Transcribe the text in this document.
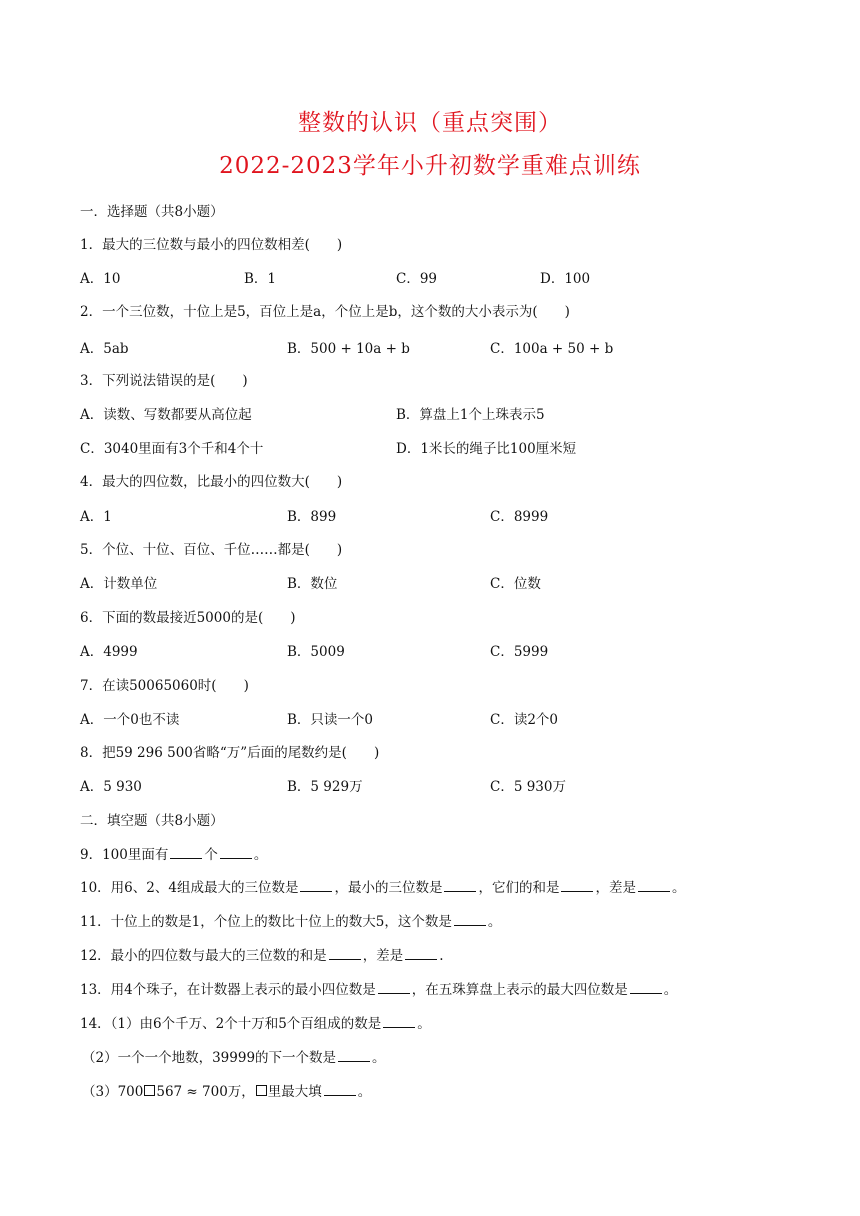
整数的认识（重点突围）
2022-2023学年小升初数学重难点训练
一．选择题（共8小题）
1．最大的三位数与最小的四位数相差(　　)
A．10	B．1	C．99	D．100
2．一个三位数，十位上是5，百位上是a，个位上是b，这个数的大小表示为(　　)
A．5ab	B．500 + 10a + b	C．100a + 50 + b
3．下列说法错误的是(　　)
A．读数、写数都要从高位起	B．算盘上1个上珠表示5
C．3040里面有3个千和4个十	D．1米长的绳子比100厘米短
4．最大的四位数，比最小的四位数大(　　)
A．1	B．899	C．8999
5．个位、十位、百位、千位……都是(　　)
A．计数单位	B．数位	C．位数
6．下面的数最接近5000的是(　　)
A．4999	B．5009	C．5999
7．在读50065060时(　　)
A．一个0也不读	B．只读一个0	C．读2个0
8．把59 296 500省略“万”后面的尾数约是(　　)
A．5 930	B．5 929万	C．5 930万
二．填空题（共8小题）
9．100里面有	个	。
10．用6、2、4组成最大的三位数是	，最小的三位数是	，它们的和是	，差是	。
11．十位上的数是1，个位上的数比十位上的数大5，这个数是	。
12．最小的四位数与最大的三位数的和是	，差是	.
13．用4个珠子，在计数器上表示的最小四位数是	，在五珠算盘上表示的最大四位数是	。
14．（1）由6个千万、2个十万和5个百组成的数是	。
（2）一个一个地数，39999的下一个数是	。
（3）700 567 ≈ 700万， 里最大填	。
